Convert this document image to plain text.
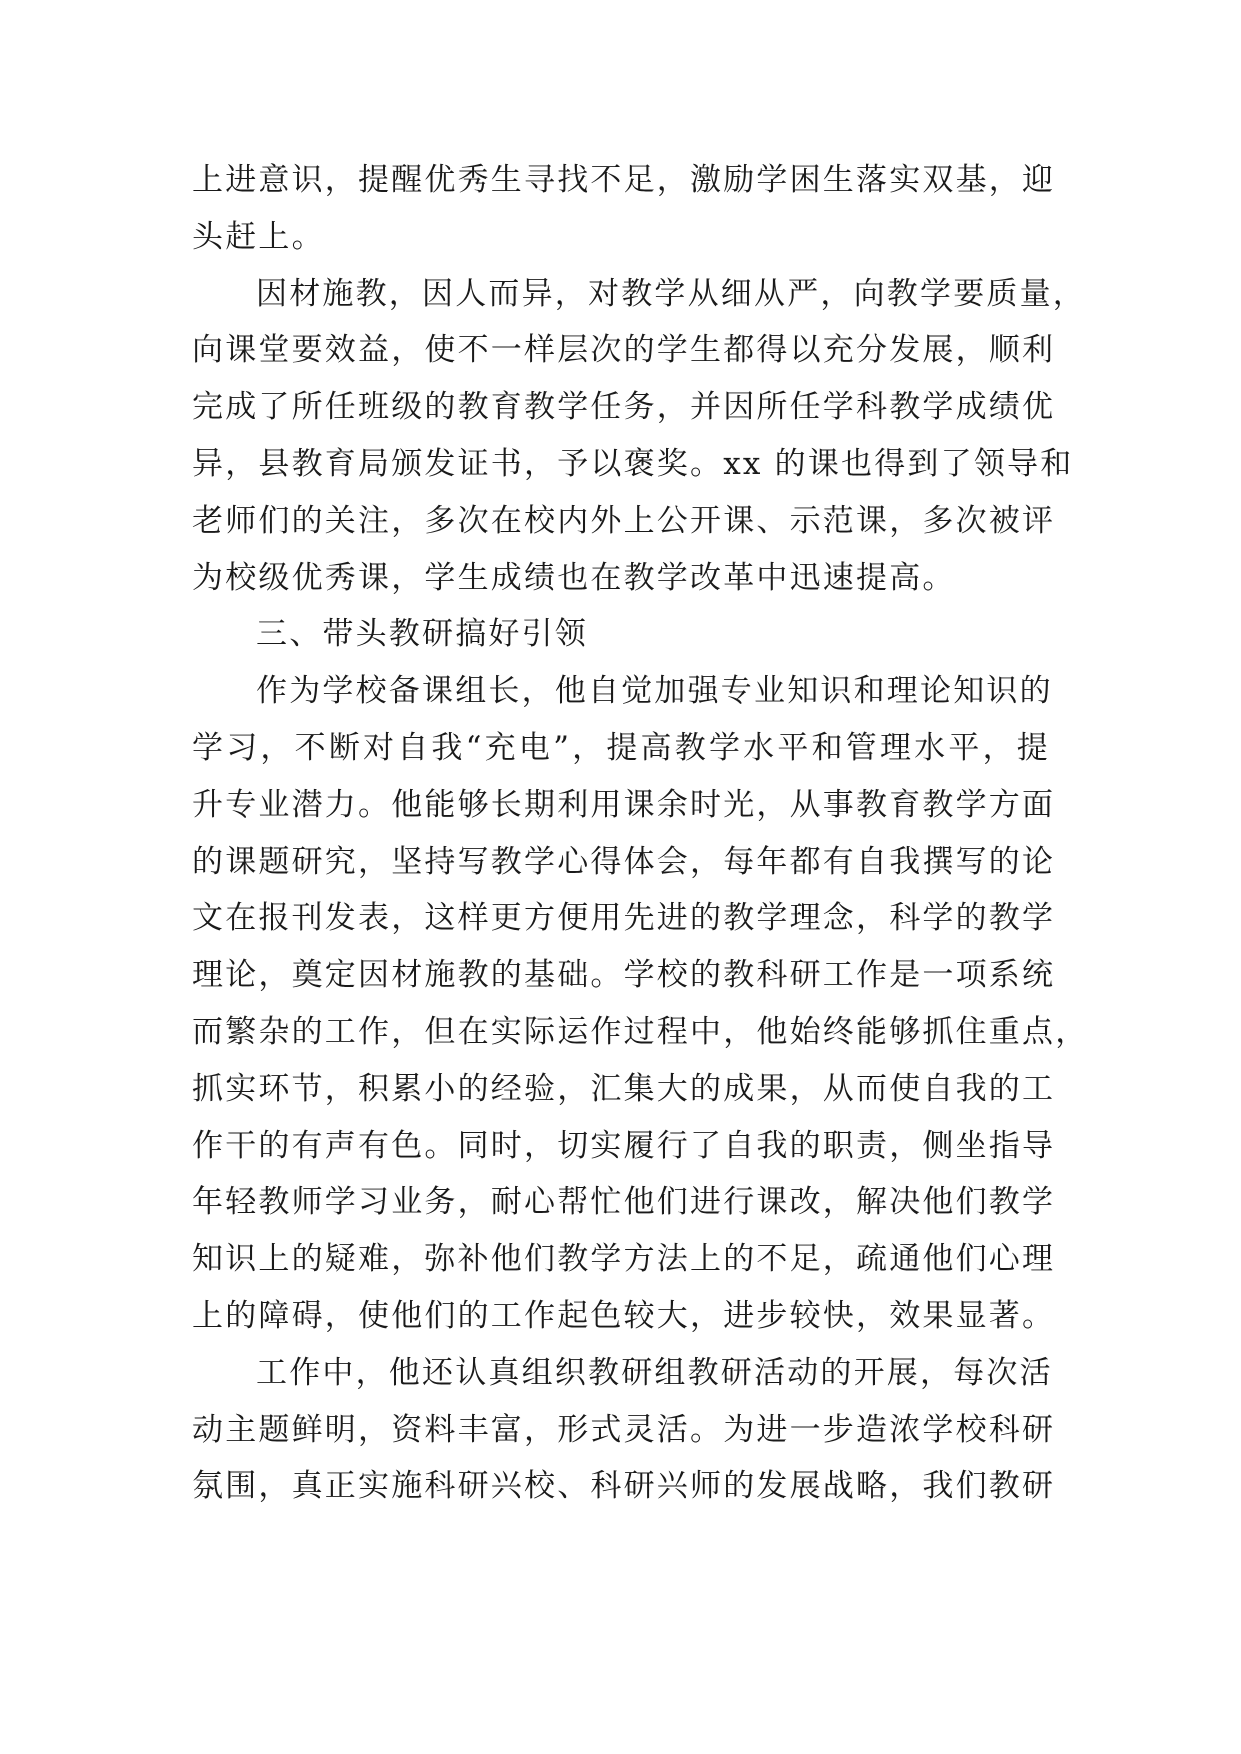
上进意识，提醒优秀生寻找不足，激励学困生落实双基，迎
头赶上。

因材施教，因人而异，对教学从细从严，向教学要质量，
向课堂要效益，使不一样层次的学生都得以充分发展，顺利
完成了所任班级的教育教学任务，并因所任学科教学成绩优
异，县教育局颁发证书，予以褒奖。xx 的课也得到了领导和
老师们的关注，多次在校内外上公开课、示范课，多次被评
为校级优秀课，学生成绩也在教学改革中迅速提高。

三、带头教研搞好引领

作为学校备课组长，他自觉加强专业知识和理论知识的
学习，不断对自我“充电”，提高教学水平和管理水平，提
升专业潜力。他能够长期利用课余时光，从事教育教学方面
的课题研究，坚持写教学心得体会，每年都有自我撰写的论
文在报刊发表，这样更方便用先进的教学理念，科学的教学
理论，奠定因材施教的基础。学校的教科研工作是一项系统
而繁杂的工作，但在实际运作过程中，他始终能够抓住重点，
抓实环节，积累小的经验，汇集大的成果，从而使自我的工
作干的有声有色。同时，切实履行了自我的职责，侧坐指导
年轻教师学习业务，耐心帮忙他们进行课改，解决他们教学
知识上的疑难，弥补他们教学方法上的不足，疏通他们心理
上的障碍，使他们的工作起色较大，进步较快，效果显著。

工作中，他还认真组织教研组教研活动的开展，每次活
动主题鲜明，资料丰富，形式灵活。为进一步造浓学校科研
氛围，真正实施科研兴校、科研兴师的发展战略，我们教研
